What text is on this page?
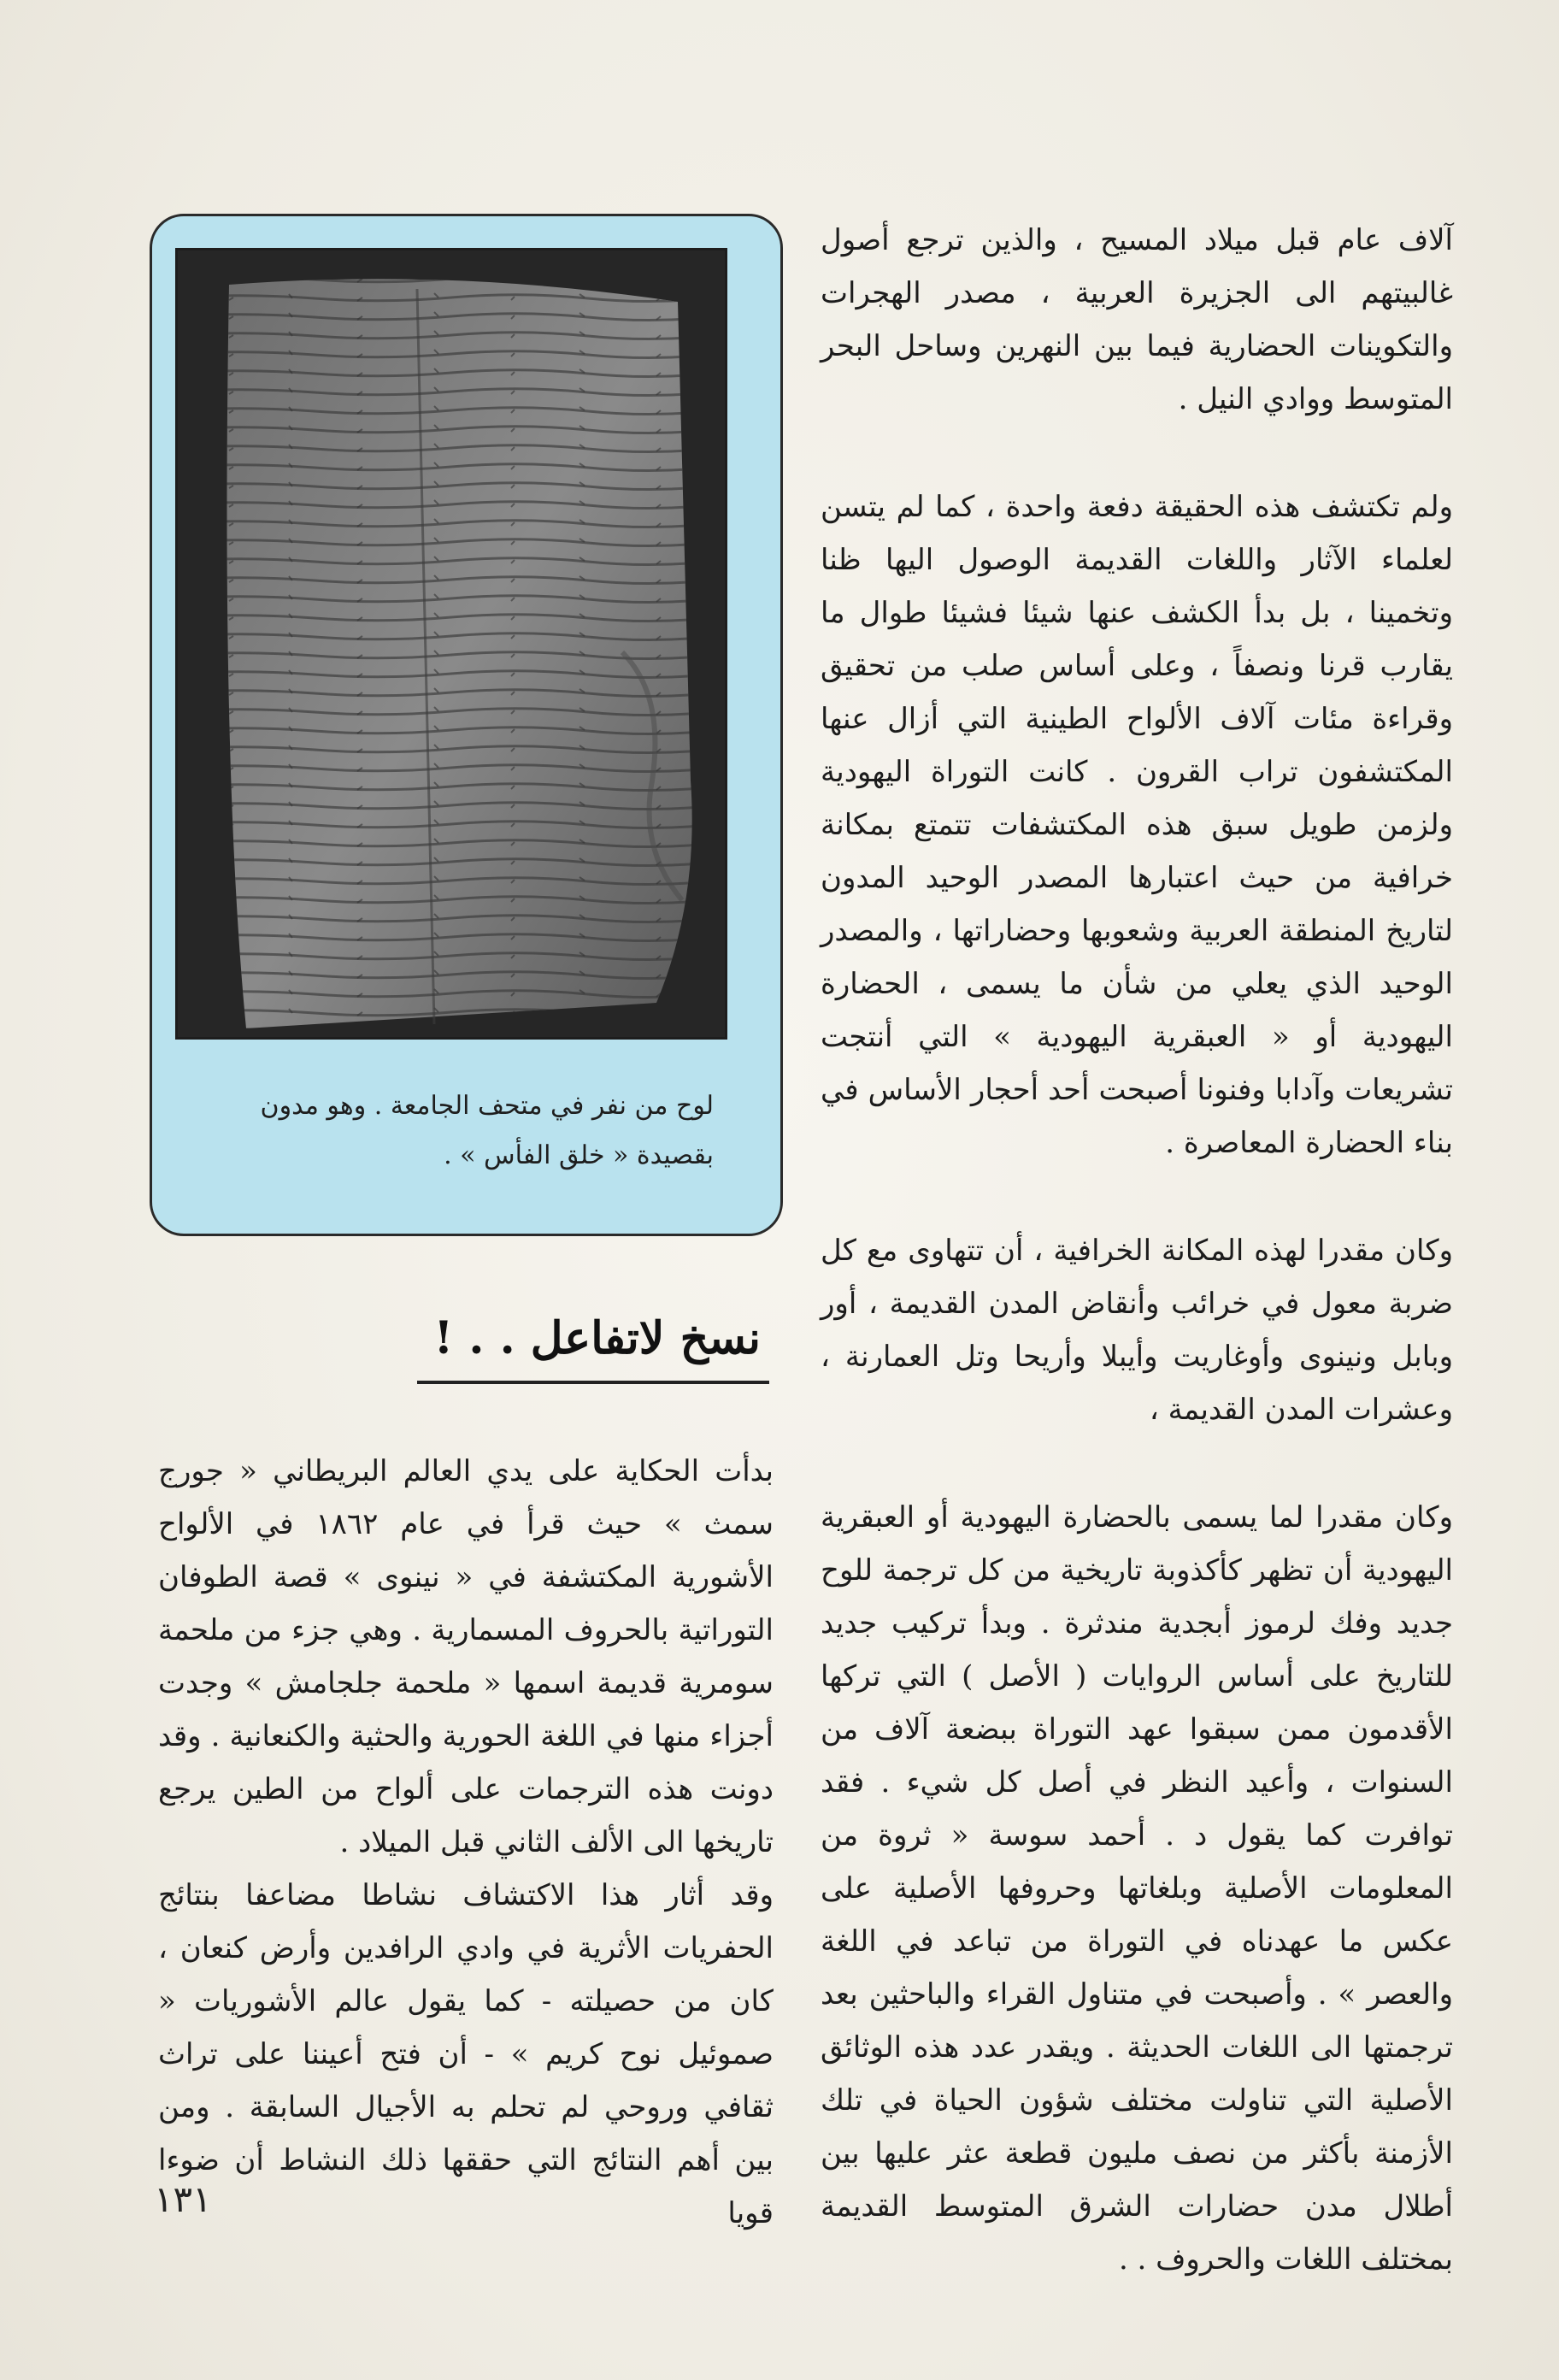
آلاف عام قبل ميلاد المسيح ، والذين ترجع أصول غالبيتهم الى الجزيرة العربية ، مصدر الهجرات والتكوينات الحضارية فيما بين النهرين وساحل البحر المتوسط ووادي النيل .

ولم تكتشف هذه الحقيقة دفعة واحدة ، كما لم يتسن لعلماء الآثار واللغات القديمة الوصول اليها ظنا وتخمينا ، بل بدأ الكشف عنها شيئا فشيئا طوال ما يقارب قرنا ونصفاً ، وعلى أساس صلب من تحقيق وقراءة مئات آلاف الألواح الطينية التي أزال عنها المكتشفون تراب القرون . كانت التوراة اليهودية ولزمن طويل سبق هذه المكتشفات تتمتع بمكانة خرافية من حيث اعتبارها المصدر الوحيد المدون لتاريخ المنطقة العربية وشعوبها وحضاراتها ، والمصدر الوحيد الذي يعلي من شأن ما يسمى ، الحضارة اليهودية أو « العبقرية اليهودية » التي أنتجت تشريعات وآدابا وفنونا أصبحت أحد أحجار الأساس في بناء الحضارة المعاصرة .

وكان مقدرا لهذه المكانة الخرافية ، أن تتهاوى مع كل ضربة معول في خرائب وأنقاض المدن القديمة ، أور وبابل ونينوى وأوغاريت وأيبلا وأريحا وتل العمارنة ، وعشرات المدن القديمة ،

وكان مقدرا لما يسمى بالحضارة اليهودية أو العبقرية اليهودية أن تظهر كأكذوبة تاريخية من كل ترجمة للوح جديد وفك لرموز أبجدية مندثرة . وبدأ تركيب جديد للتاريخ على أساس الروايات ( الأصل ) التي تركها الأقدمون ممن سبقوا عهد التوراة ببضعة آلاف من السنوات ، وأعيد النظر في أصل كل شيء . فقد توافرت كما يقول د . أحمد سوسة « ثروة من المعلومات الأصلية وبلغاتها وحروفها الأصلية على عكس ما عهدناه في التوراة من تباعد في اللغة والعصر » . وأصبحت في متناول القراء والباحثين بعد ترجمتها الى اللغات الحديثة . ويقدر عدد هذه الوثائق الأصلية التي تناولت مختلف شؤون الحياة في تلك الأزمنة بأكثر من نصف مليون قطعة عثر عليها بين أطلال مدن حضارات الشرق المتوسط القديمة بمختلف اللغات والحروف . .

لوح من نفر في متحف الجامعة . وهو مدون بقصيدة « خلق الفأس » .
نسخ لاتفاعل . . !

بدأت الحكاية على يدي العالم البريطاني « جورج سمث » حيث قرأ في عام ١٨٦٢ في الألواح الأشورية المكتشفة في « نينوى » قصة الطوفان التوراتية بالحروف المسمارية . وهي جزء من ملحمة سومرية قديمة اسمها « ملحمة جلجامش » وجدت أجزاء منها في اللغة الحورية والحثية والكنعانية . وقد دونت هذه الترجمات على ألواح من الطين يرجع تاريخها الى الألف الثاني قبل الميلاد .

وقد أثار هذا الاكتشاف نشاطا مضاعفا بنتائج الحفريات الأثرية في وادي الرافدين وأرض كنعان ، كان من حصيلته - كما يقول عالم الأشوريات « صموئيل نوح كريم » - أن فتح أعيننا على تراث ثقافي وروحي لم تحلم به الأجيال السابقة . ومن بين أهم النتائج التي حققها ذلك النشاط أن ضوءا قويا

١٣١
